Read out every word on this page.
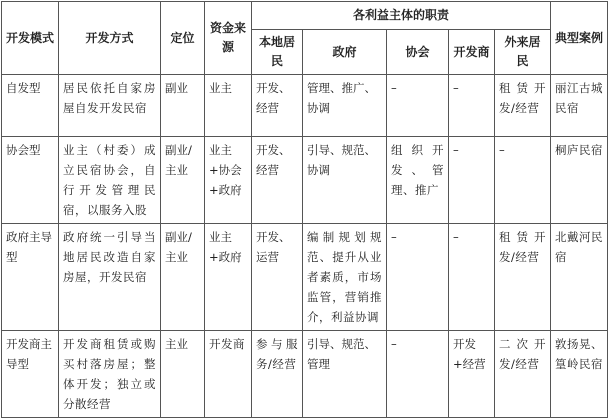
开发模式	开发方式	定位	资金来源	各利益主体的职责					典型案例
				本地居民	政府	协会	开发商	外来居民	
自发型	居民依托自家房屋自发开发民宿	副业	业主	开发、经营	管理、推广、协调	–	–	租赁开发/经营	丽江古城民宿
协会型	业主（村委）成立民宿协会，自行开发管理民宿，以服务入股	副业/主业	业主+协会+政府	开发、经营	引导、规范、协调	组织开发、管理、推广	–	–	桐庐民宿
政府主导型	政府统一引导当地居民改造自家房屋，开发民宿	副业/主业	业主+政府	开发、运营	编制规划规范、提升从业者素质，市场监管，营销推介，利益协调	–	–	租赁开发/经营	北戴河民宿
开发商主导型	开发商租赁或购买村落房屋；整体开发；独立或分散经营	主业	开发商	参与服务/经营	引导、规范、管理	–	开发+经营	二次开发/经营	敦扬晃、篁岭民宿
